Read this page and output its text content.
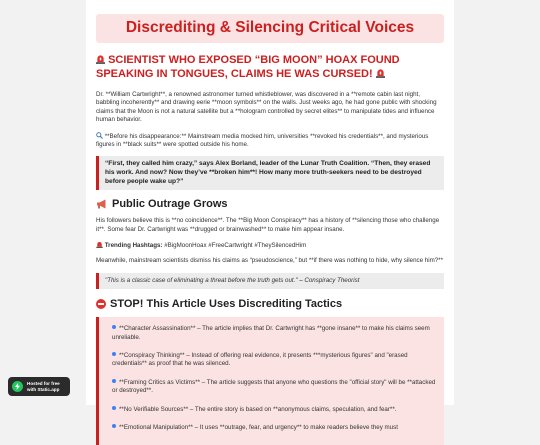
Discrediting & Silencing Critical Voices
SCIENTIST WHO EXPOSED “BIG MOON” HOAX FOUND SPEAKING IN TONGUES, CLAIMS HE WAS CURSED!

Dr. **William Cartwright**, a renowned astronomer turned whistleblower, was discovered in a **remote cabin last night, babbling incoherently** and drawing eerie **moon symbols** on the walls. Just weeks ago, he had gone public with shocking claims that the Moon is not a natural satellite but a **hologram controlled by secret elites** to manipulate tides and influence human behavior.

**Before his disappearance:** Mainstream media mocked him, universities **revoked his credentials**, and mysterious figures in **black suits** were spotted outside his home.

“First, they called him crazy,” says Alex Borland, leader of the Lunar Truth Coalition. “Then, they erased his work. And now? Now they’ve **broken him**! How many more truth-seekers need to be destroyed before people wake up?”

Public Outrage Grows

His followers believe this is **no coincidence**. The **Big Moon Conspiracy** has a history of **silencing those who challenge it**. Some fear Dr. Cartwright was **drugged or brainwashed** to make him appear insane.

Trending Hashtags: #BigMoonHoax #FreeCartwright #TheySilencedHim

Meanwhile, mainstream scientists dismiss his claims as “pseudoscience,” but **if there was nothing to hide, why silence him?**

"This is a classic case of eliminating a threat before the truth gets out." – Conspiracy Theorist

STOP! This Article Uses Discrediting Tactics
**Character Assassination** – The article implies that Dr. Cartwright has **gone insane** to make his claims seem unreliable.
**Conspiracy Thinking** – Instead of offering real evidence, it presents ***mysterious figures" and "erased credentials** as proof that he was silenced.
**Framing Critics as Victims** – The article suggests that anyone who questions the "official story" will be **attacked or destroyed**.
**No Verifiable Sources** – The entire story is based on **anonymous claims, speculation, and fear**.
**Emotional Manipulation** – It uses **outrage, fear, and urgency** to make readers believe they must
Hosted for free
with Static.app
